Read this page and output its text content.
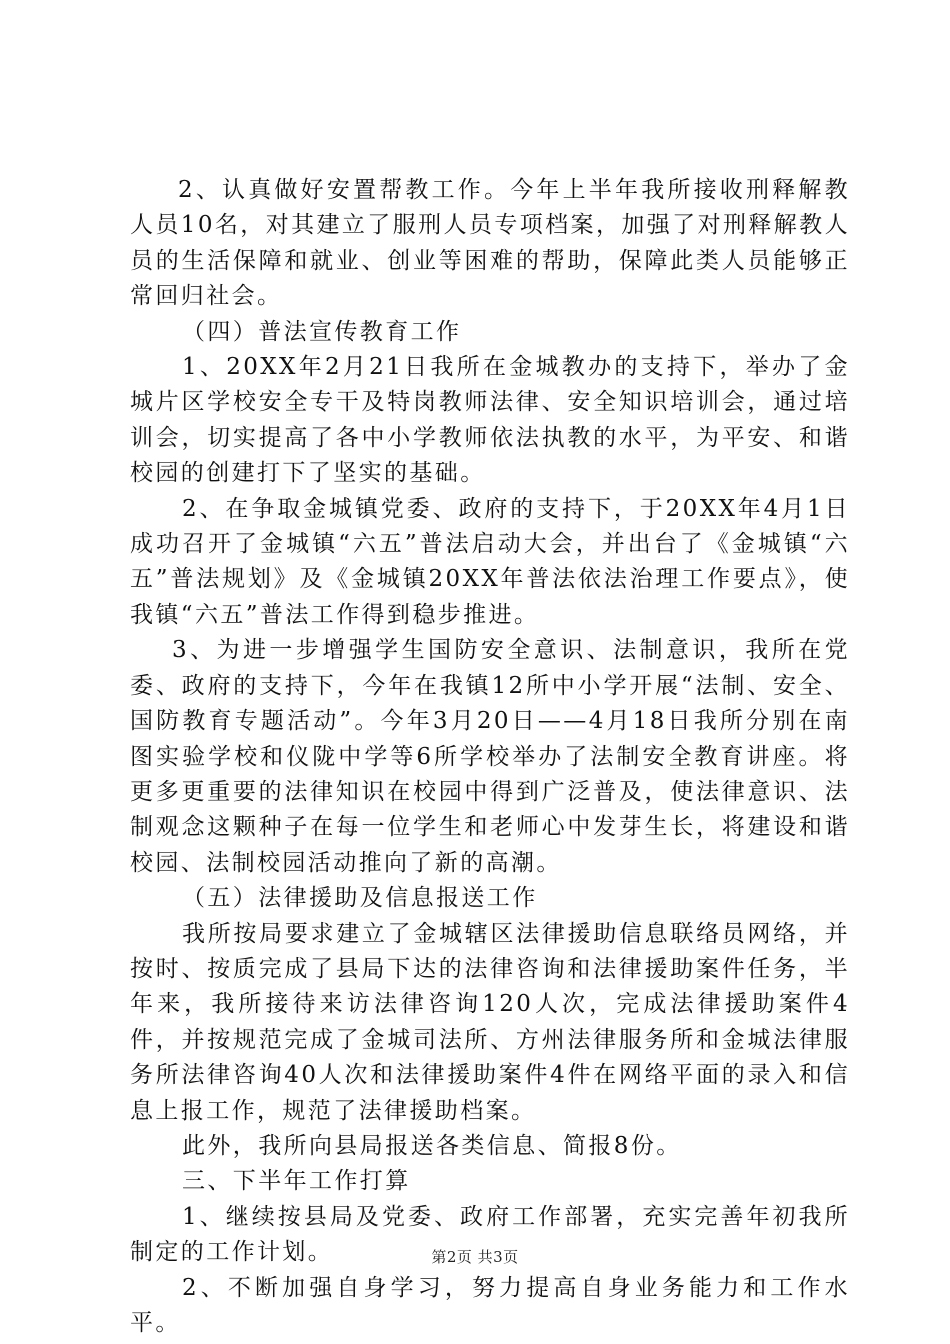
2、认真做好安置帮教工作。今年上半年我所接收刑释解教人员10名，对其建立了服刑人员专项档案，加强了对刑释解教人员的生活保障和就业、创业等困难的帮助，保障此类人员能够正常回归社会。

（四）普法宣传教育工作

1、20XX年2月21日我所在金城教办的支持下，举办了金城片区学校安全专干及特岗教师法律、安全知识培训会，通过培训会，切实提高了各中小学教师依法执教的水平，为平安、和谐校园的创建打下了坚实的基础。

2、在争取金城镇党委、政府的支持下，于20XX年4月1日成功召开了金城镇“六五”普法启动大会，并出台了《金城镇“六五”普法规划》及《金城镇20XX年普法依法治理工作要点》，使我镇“六五”普法工作得到稳步推进。

3、为进一步增强学生国防安全意识、法制意识，我所在党委、政府的支持下，今年在我镇12所中小学开展“法制、安全、国防教育专题活动”。今年3月20日——4月18日我所分别在南图实验学校和仪陇中学等6所学校举办了法制安全教育讲座。将更多更重要的法律知识在校园中得到广泛普及，使法律意识、法制观念这颗种子在每一位学生和老师心中发芽生长，将建设和谐校园、法制校园活动推向了新的高潮。

（五）法律援助及信息报送工作

我所按局要求建立了金城辖区法律援助信息联络员网络，并按时、按质完成了县局下达的法律咨询和法律援助案件任务，半年来，我所接待来访法律咨询120人次，完成法律援助案件4件，并按规范完成了金城司法所、方州法律服务所和金城法律服务所法律咨询40人次和法律援助案件4件在网络平面的录入和信息上报工作，规范了法律援助档案。

此外，我所向县局报送各类信息、简报8份。

三、下半年工作打算

1、继续按县局及党委、政府工作部署，充实完善年初我所制定的工作计划。

2、不断加强自身学习，努力提高自身业务能力和工作水平。

第2页 共3页
